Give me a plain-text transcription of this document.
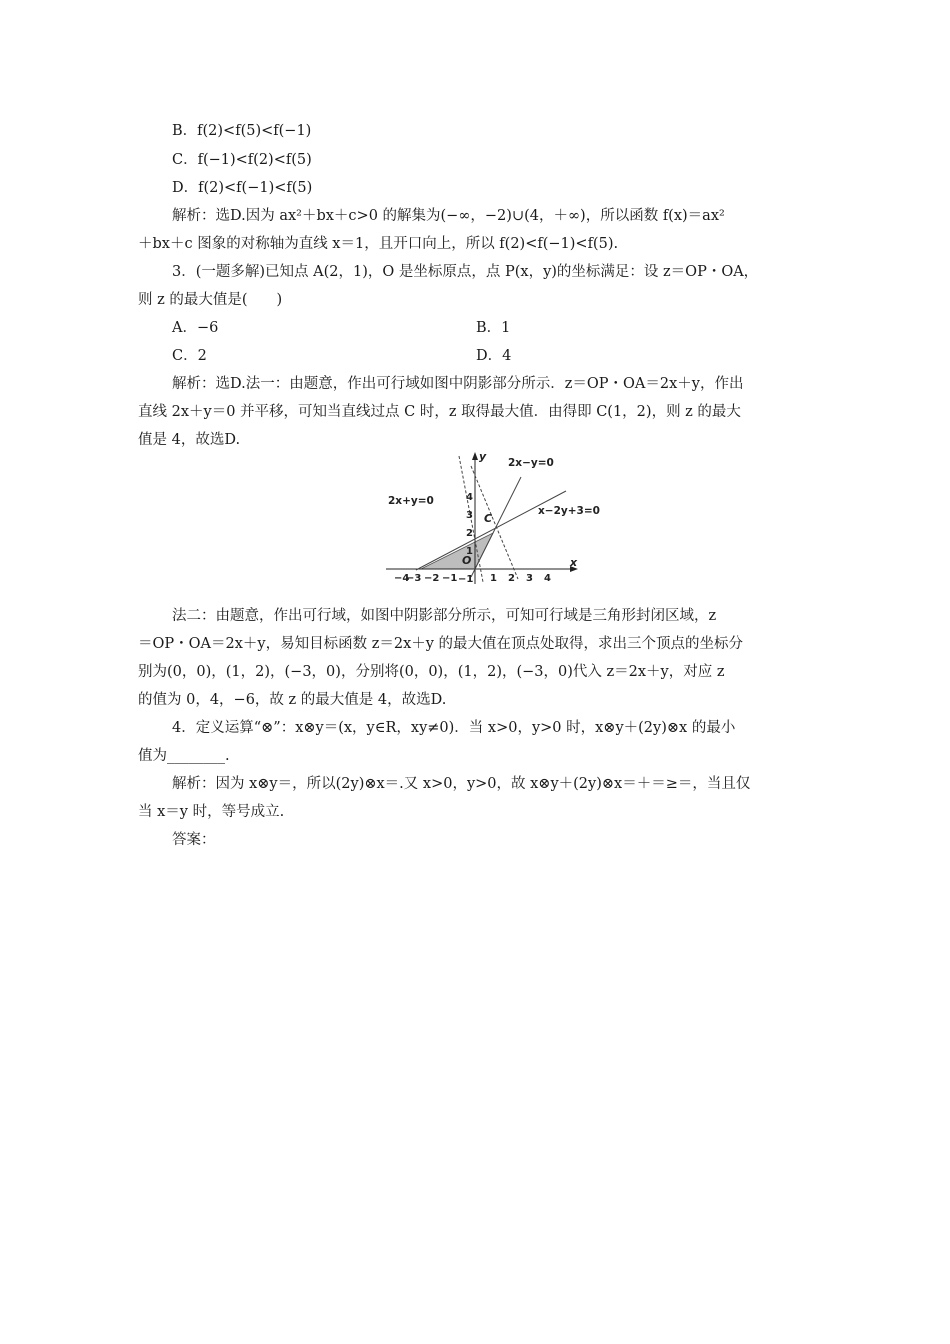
B．f(2)<f(5)<f(−1)
C．f(−1)<f(2)<f(5)
D．f(2)<f(−1)<f(5)
解析：选D.因为 ax²＋bx＋c>0 的解集为(−∞，−2)∪(4，＋∞)，所以函数 f(x)＝ax²
＋bx＋c 图象的对称轴为直线 x＝1，且开口向上，所以 f(2)<f(−1)<f(5).
3．(一题多解)已知点 A(2，1)，O 是坐标原点，点 P(x，y)的坐标满足：设 z＝OP・OA，
则 z 的最大值是(　　)
A．−6	B．1
C．2	D．4
解析：选D.法一：由题意，作出可行域如图中阴影部分所示．z＝OP・OA＝2x＋y，作出
直线 2x＋y＝0 并平移，可知当直线过点 C 时，z 取得最大值．由得即 C(1，2)，则 z 的最大
值是 4，故选D.
2x−y=0
2x+y=0
x−2y+3=0
C
O	x
y
−4
−3 −2 −1	1 2 3 4
4
3
2
1
−1
法二：由题意，作出可行域，如图中阴影部分所示，可知可行域是三角形封闭区域，z
＝OP・OA＝2x＋y，易知目标函数 z＝2x＋y 的最大值在顶点处取得，求出三个顶点的坐标分
别为(0，0)，(1，2)，(−3，0)，分别将(0，0)，(1，2)，(−3，0)代入 z＝2x＋y，对应 z
的值为 0，4，−6，故 z 的最大值是 4，故选D.
4．定义运算“⊗”：x⊗y＝(x，y∈R，xy≠0)．当 x>0，y>0 时，x⊗y＋(2y)⊗x 的最小
值为________.
解析：因为 x⊗y＝，所以(2y)⊗x＝.又 x>0，y>0，故 x⊗y＋(2y)⊗x＝＋＝≥＝，当且仅
当 x＝y 时，等号成立.
答案：
